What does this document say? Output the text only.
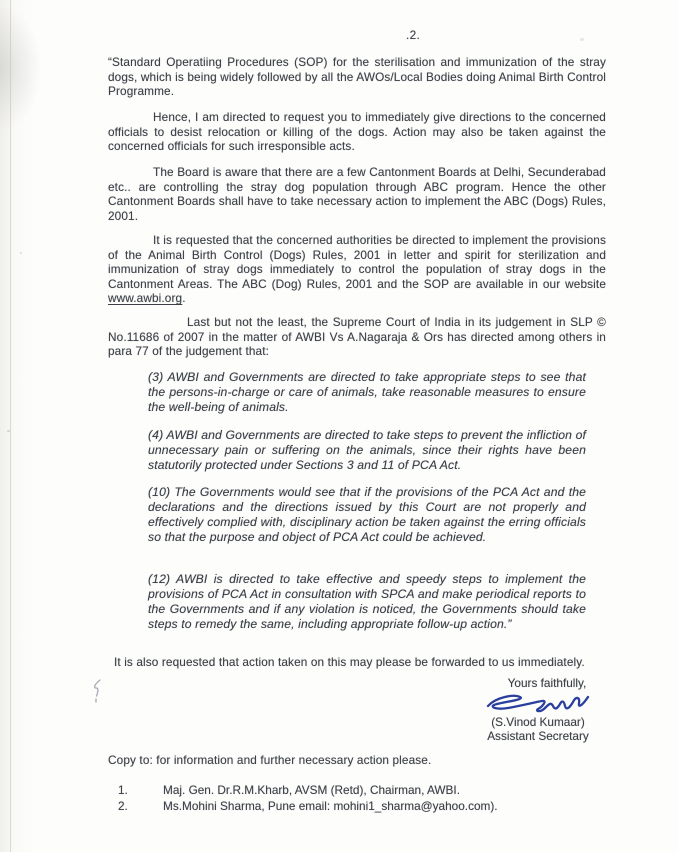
.2.

“Standard Operatiing Procedures (SOP) for the sterilisation and immunization of the stray dogs, which is being widely followed by all the AWOs/Local Bodies doing Animal Birth Control Programme.

Hence, I am directed to request you to immediately give directions to the concerned officials to desist relocation or killing of the dogs. Action may also be taken against the concerned officials for such irresponsible acts.

The Board is aware that there are a few Cantonment Boards at Delhi, Secunderabad etc.. are controlling the stray dog population through ABC program. Hence the other Cantonment Boards shall have to take necessary action to implement the ABC (Dogs) Rules, 2001.

It is requested that the concerned authorities be directed to implement the provisions of the Animal Birth Control (Dogs) Rules, 2001 in letter and spirit for sterilization and immunization of stray dogs immediately to control the population of stray dogs in the Cantonment Areas. The ABC (Dog) Rules, 2001 and the SOP are available in our website www.awbi.org.

Last but not the least, the Supreme Court of India in its judgement in SLP © No.11686 of 2007 in the matter of AWBI Vs A.Nagaraja & Ors has directed among others in para 77 of the judgement that:

(3) AWBI and Governments are directed to take appropriate steps to see that the persons-in-charge or care of animals, take reasonable measures to ensure the well-being of animals.

(4) AWBI and Governments are directed to take steps to prevent the infliction of unnecessary pain or suffering on the animals, since their rights have been statutorily protected under Sections 3 and 11 of PCA Act.

(10) The Governments would see that if the provisions of the PCA Act and the declarations and the directions issued by this Court are not properly and effectively complied with, disciplinary action be taken against the erring officials so that the purpose and object of PCA Act could be achieved.

(12) AWBI is directed to take effective and speedy steps to implement the provisions of PCA Act in consultation with SPCA and make periodical reports to the Governments and if any violation is noticed, the Governments should take steps to remedy the same, including appropriate follow-up action.”

It is also requested that action taken on this may please be forwarded to us immediately.

Yours faithfully,
(S.Vinod Kumaar)
Assistant Secretary

Copy to: for information and further necessary action please.

1.	Maj. Gen. Dr.R.M.Kharb, AVSM (Retd), Chairman, AWBI.
2.	Ms.Mohini Sharma, Pune email: mohini1_sharma@yahoo.com).
